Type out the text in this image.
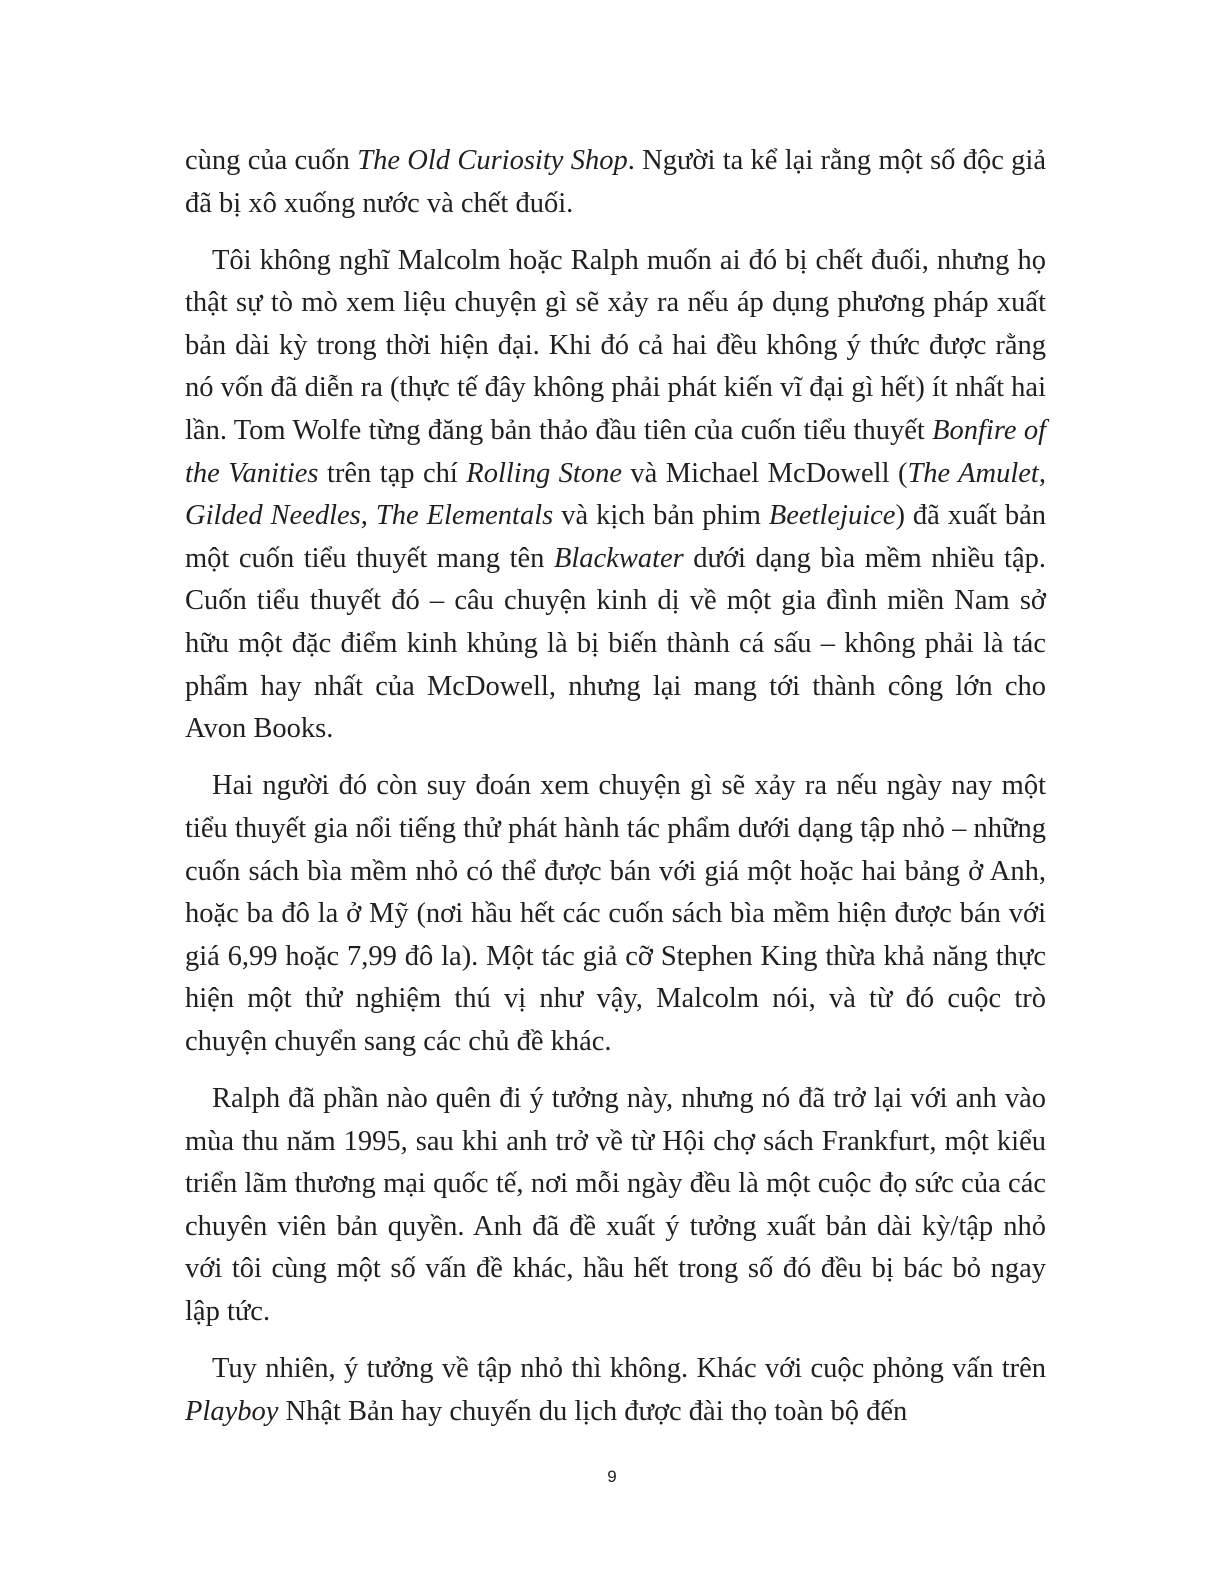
cùng của cuốn The Old Curiosity Shop. Người ta kể lại rằng một số độc giả đã bị xô xuống nước và chết đuối.

Tôi không nghĩ Malcolm hoặc Ralph muốn ai đó bị chết đuối, nhưng họ thật sự tò mò xem liệu chuyện gì sẽ xảy ra nếu áp dụng phương pháp xuất bản dài kỳ trong thời hiện đại. Khi đó cả hai đều không ý thức được rằng nó vốn đã diễn ra (thực tế đây không phải phát kiến vĩ đại gì hết) ít nhất hai lần. Tom Wolfe từng đăng bản thảo đầu tiên của cuốn tiểu thuyết Bonfire of the Vanities trên tạp chí Rolling Stone và Michael McDowell (The Amulet, Gilded Needles, The Elementals và kịch bản phim Beetlejuice) đã xuất bản một cuốn tiểu thuyết mang tên Blackwater dưới dạng bìa mềm nhiều tập. Cuốn tiểu thuyết đó – câu chuyện kinh dị về một gia đình miền Nam sở hữu một đặc điểm kinh khủng là bị biến thành cá sấu – không phải là tác phẩm hay nhất của McDowell, nhưng lại mang tới thành công lớn cho Avon Books.

Hai người đó còn suy đoán xem chuyện gì sẽ xảy ra nếu ngày nay một tiểu thuyết gia nổi tiếng thử phát hành tác phẩm dưới dạng tập nhỏ – những cuốn sách bìa mềm nhỏ có thể được bán với giá một hoặc hai bảng ở Anh, hoặc ba đô la ở Mỹ (nơi hầu hết các cuốn sách bìa mềm hiện được bán với giá 6,99 hoặc 7,99 đô la). Một tác giả cỡ Stephen King thừa khả năng thực hiện một thử nghiệm thú vị như vậy, Malcolm nói, và từ đó cuộc trò chuyện chuyển sang các chủ đề khác.

Ralph đã phần nào quên đi ý tưởng này, nhưng nó đã trở lại với anh vào mùa thu năm 1995, sau khi anh trở về từ Hội chợ sách Frankfurt, một kiểu triển lãm thương mại quốc tế, nơi mỗi ngày đều là một cuộc đọ sức của các chuyên viên bản quyền. Anh đã đề xuất ý tưởng xuất bản dài kỳ/tập nhỏ với tôi cùng một số vấn đề khác, hầu hết trong số đó đều bị bác bỏ ngay lập tức.

Tuy nhiên, ý tưởng về tập nhỏ thì không. Khác với cuộc phỏng vấn trên Playboy Nhật Bản hay chuyến du lịch được đài thọ toàn bộ đến

9
